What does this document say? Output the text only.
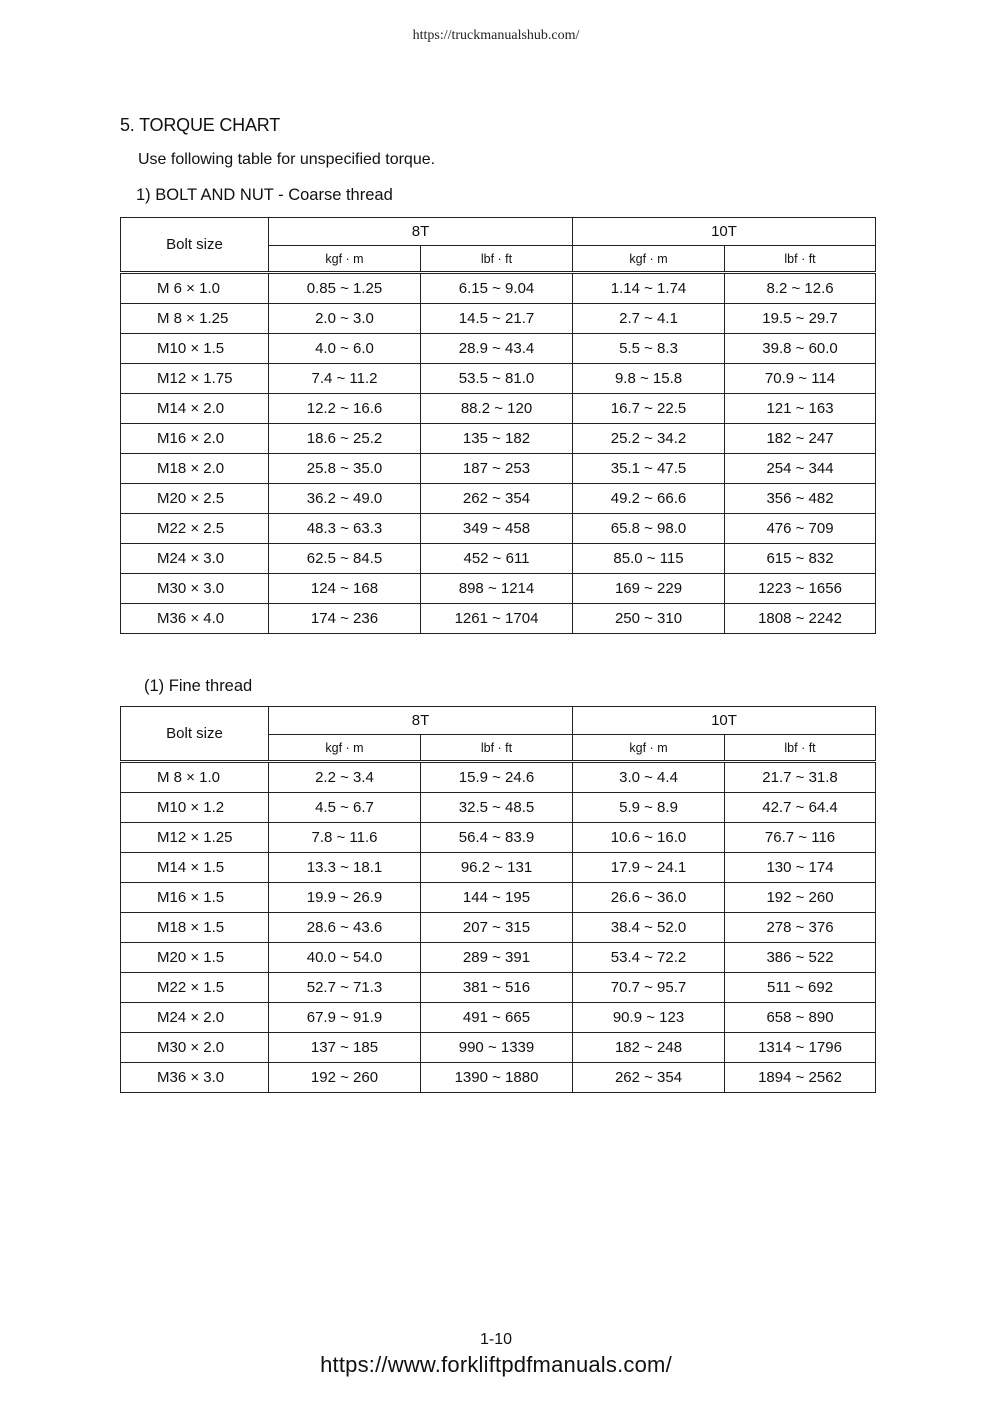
https://truckmanualshub.com/
5. TORQUE CHART
Use following table for unspecified torque.
1) BOLT AND NUT - Coarse thread
Bolt size	8T		10T	
	kgf · m	lbf · ft	kgf · m	lbf · ft
M 6 × 1.0	0.85 ~ 1.25	6.15 ~ 9.04	1.14 ~ 1.74	8.2 ~ 12.6
M 8 × 1.25	2.0 ~ 3.0	14.5 ~ 21.7	2.7 ~ 4.1	19.5 ~ 29.7
M10 × 1.5	4.0 ~ 6.0	28.9 ~ 43.4	5.5 ~ 8.3	39.8 ~ 60.0
M12 × 1.75	7.4 ~ 11.2	53.5 ~ 81.0	9.8 ~ 15.8	70.9 ~ 114
M14 × 2.0	12.2 ~ 16.6	88.2 ~ 120	16.7 ~ 22.5	121 ~ 163
M16 × 2.0	18.6 ~ 25.2	135 ~ 182	25.2 ~ 34.2	182 ~ 247
M18 × 2.0	25.8 ~ 35.0	187 ~ 253	35.1 ~ 47.5	254 ~ 344
M20 × 2.5	36.2 ~ 49.0	262 ~ 354	49.2 ~ 66.6	356 ~ 482
M22 × 2.5	48.3 ~ 63.3	349 ~ 458	65.8 ~ 98.0	476 ~ 709
M24 × 3.0	62.5 ~ 84.5	452 ~ 611	85.0 ~ 115	615 ~ 832
M30 × 3.0	124 ~ 168	898 ~ 1214	169 ~ 229	1223 ~ 1656
M36 × 4.0	174 ~ 236	1261 ~ 1704	250 ~ 310	1808 ~ 2242
(1) Fine thread
Bolt size	8T		10T	
	kgf · m	lbf · ft	kgf · m	lbf · ft
M 8 × 1.0	2.2 ~ 3.4	15.9 ~ 24.6	3.0 ~ 4.4	21.7 ~ 31.8
M10 × 1.2	4.5 ~ 6.7	32.5 ~ 48.5	5.9 ~ 8.9	42.7 ~ 64.4
M12 × 1.25	7.8 ~ 11.6	56.4 ~ 83.9	10.6 ~ 16.0	76.7 ~ 116
M14 × 1.5	13.3 ~ 18.1	96.2 ~ 131	17.9 ~ 24.1	130 ~ 174
M16 × 1.5	19.9 ~ 26.9	144 ~ 195	26.6 ~ 36.0	192 ~ 260
M18 × 1.5	28.6 ~ 43.6	207 ~ 315	38.4 ~ 52.0	278 ~ 376
M20 × 1.5	40.0 ~ 54.0	289 ~ 391	53.4 ~ 72.2	386 ~ 522
M22 × 1.5	52.7 ~ 71.3	381 ~ 516	70.7 ~ 95.7	511 ~ 692
M24 × 2.0	67.9 ~ 91.9	491 ~ 665	90.9 ~ 123	658 ~ 890
M30 × 2.0	137 ~ 185	990 ~ 1339	182 ~ 248	1314 ~ 1796
M36 × 3.0	192 ~ 260	1390 ~ 1880	262 ~ 354	1894 ~ 2562
1-10
https://www.forkliftpdfmanuals.com/
